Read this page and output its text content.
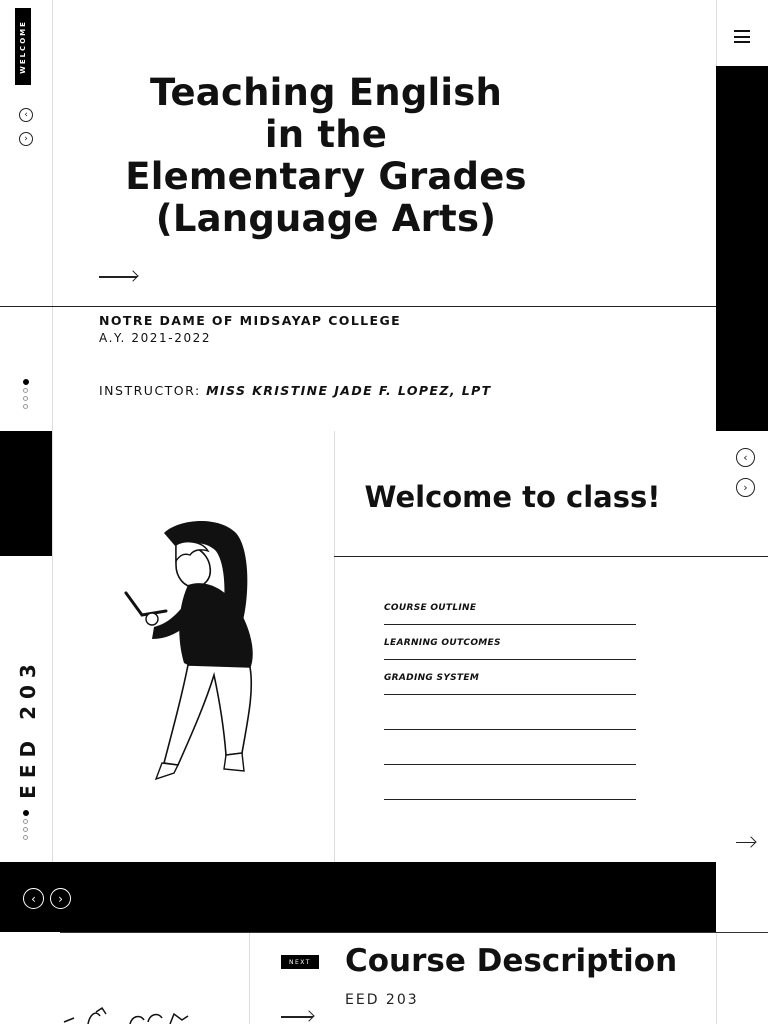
WELCOME
‹
›
Teaching English
in the
Elementary Grades
(Language Arts)
NOTRE DAME OF MIDSAYAP COLLEGE
A.Y. 2021-2022
INSTRUCTOR: MISS KRISTINE JADE F. LOPEZ, LPT
‹
›
EED 203
Welcome to class!
COURSE OUTLINE
LEARNING OUTCOMES
GRADING SYSTEM
‹ ›
NEXT Course Description
EED 203
